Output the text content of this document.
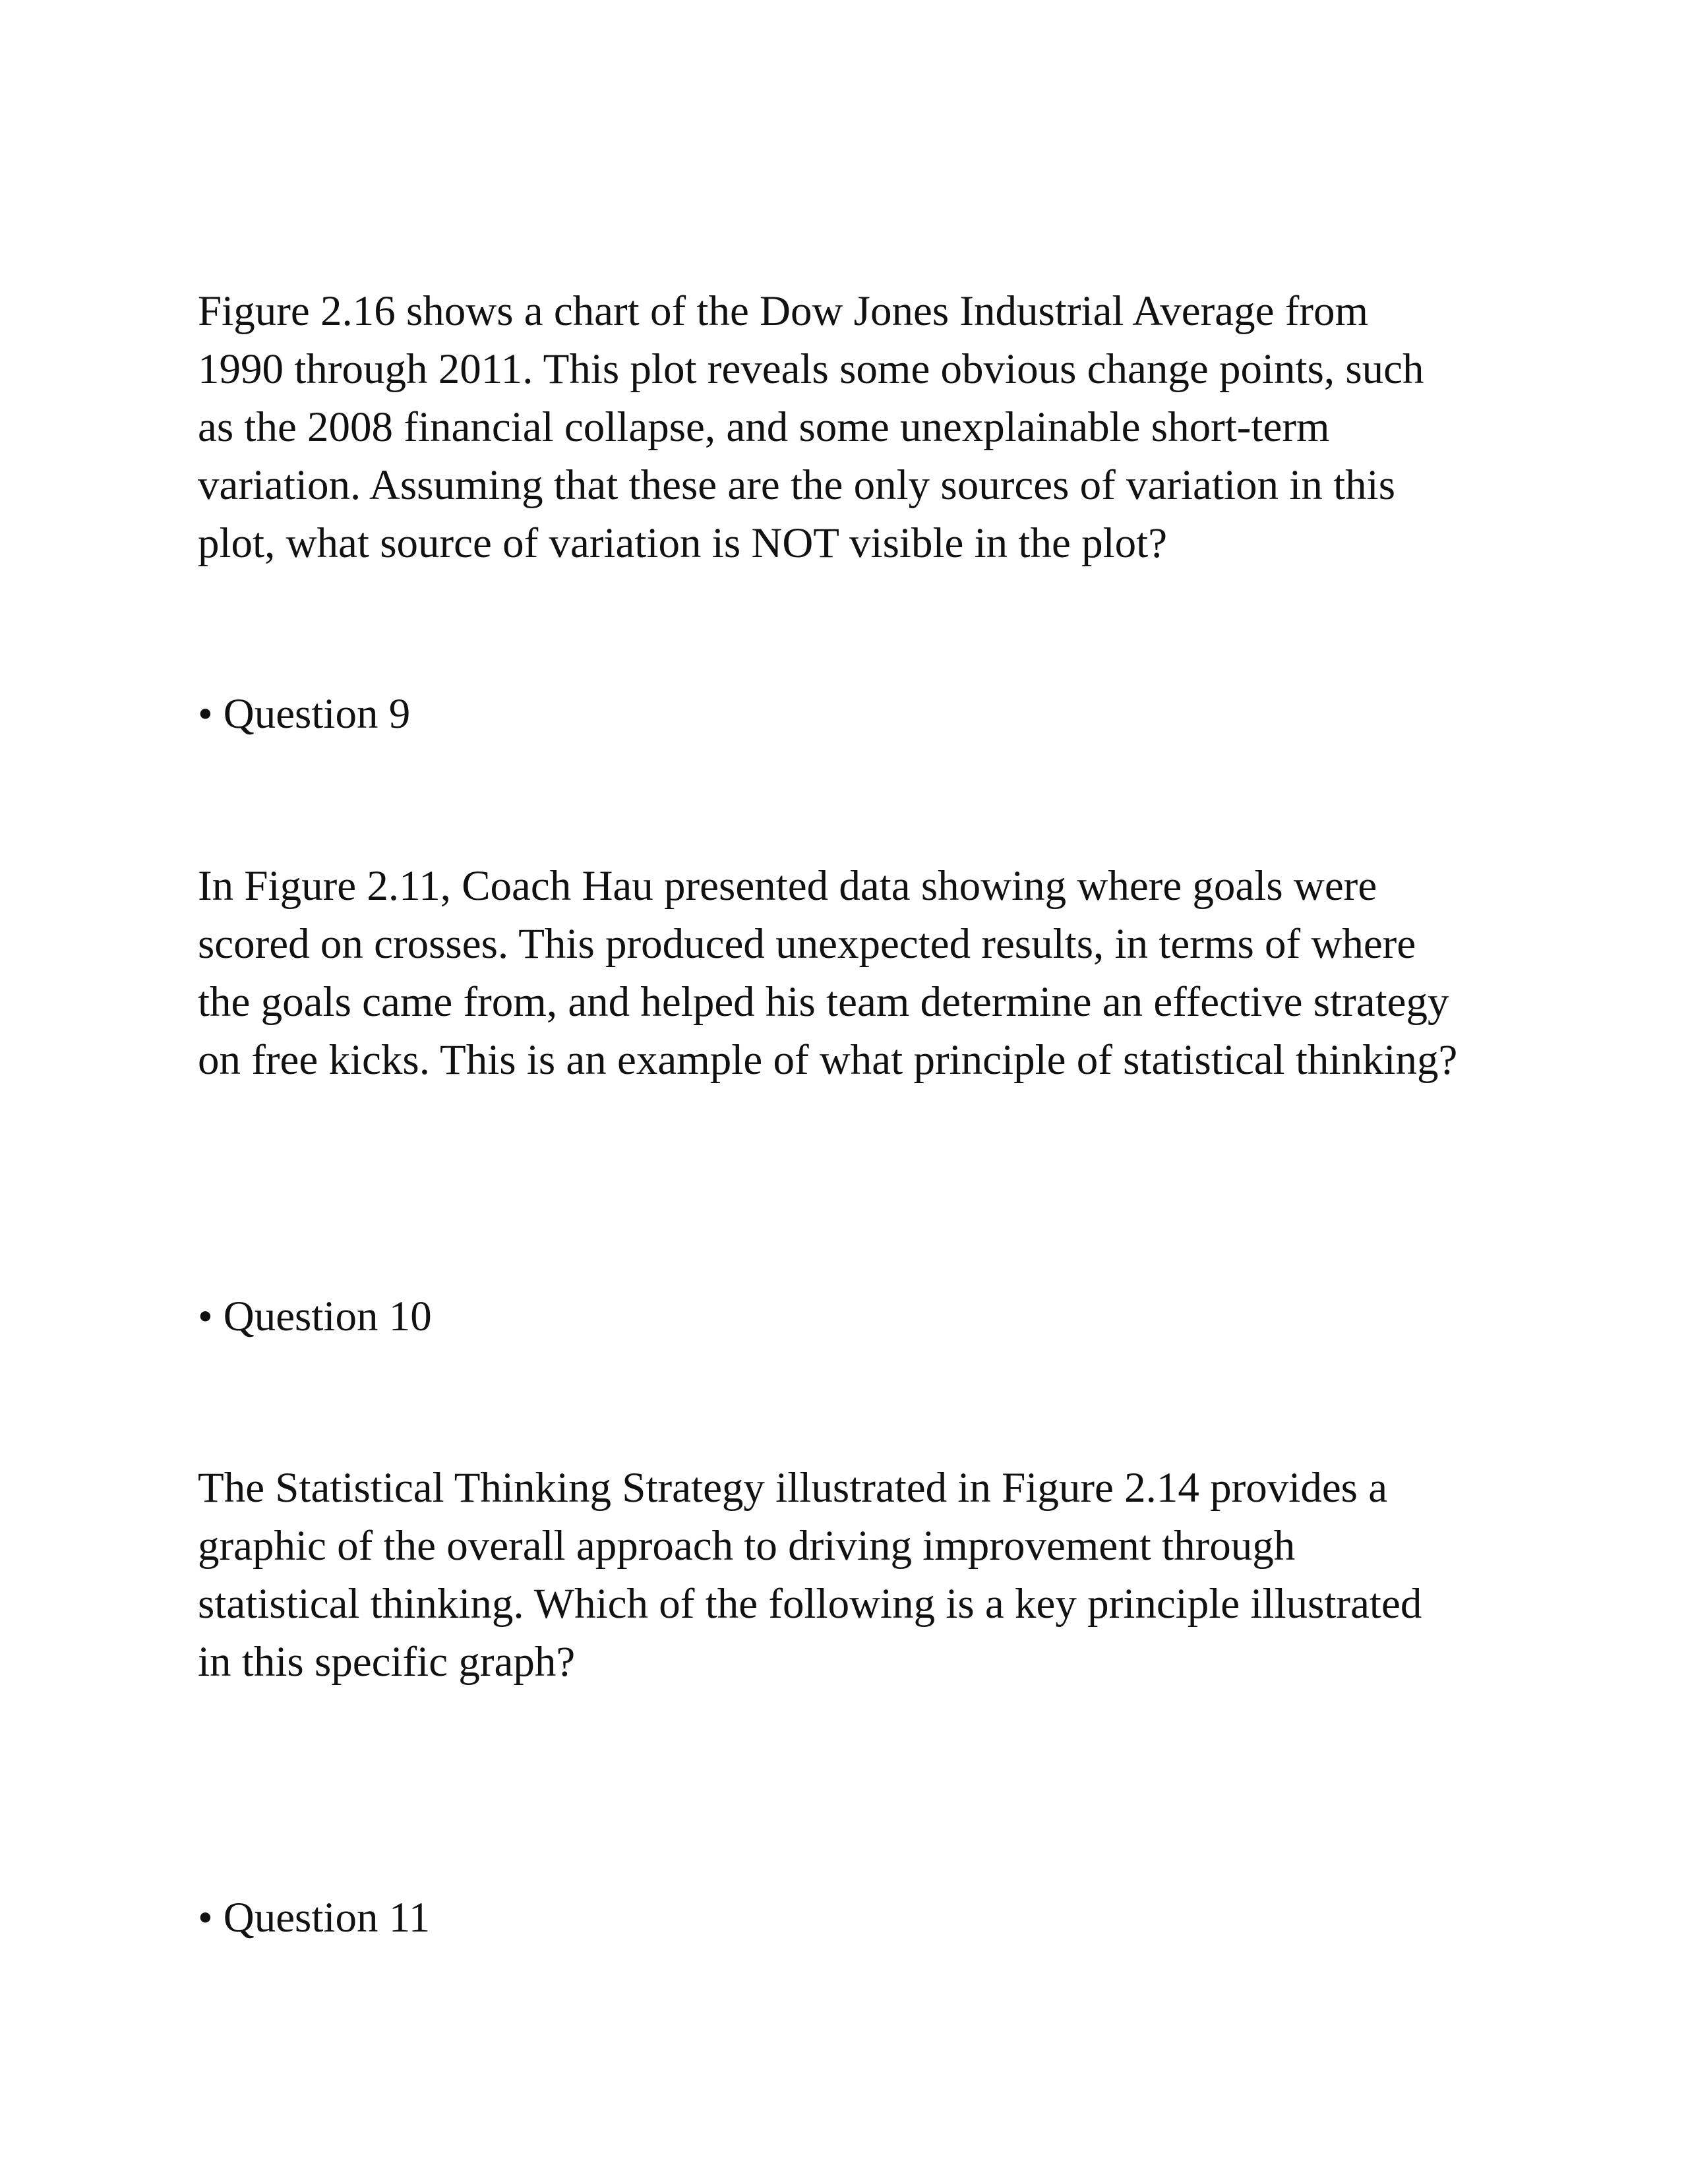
Figure 2.16 shows a chart of the Dow Jones Industrial Average from
1990 through 2011. This plot reveals some obvious change points, such
as the 2008 financial collapse, and some unexplainable short-term
variation. Assuming that these are the only sources of variation in this
plot, what source of variation is NOT visible in the plot?

• Question 9

In Figure 2.11, Coach Hau presented data showing where goals were
scored on crosses. This produced unexpected results, in terms of where
the goals came from, and helped his team determine an effective strategy
on free kicks. This is an example of what principle of statistical thinking?

• Question 10

The Statistical Thinking Strategy illustrated in Figure 2.14 provides a
graphic of the overall approach to driving improvement through
statistical thinking. Which of the following is a key principle illustrated
in this specific graph?

• Question 11
